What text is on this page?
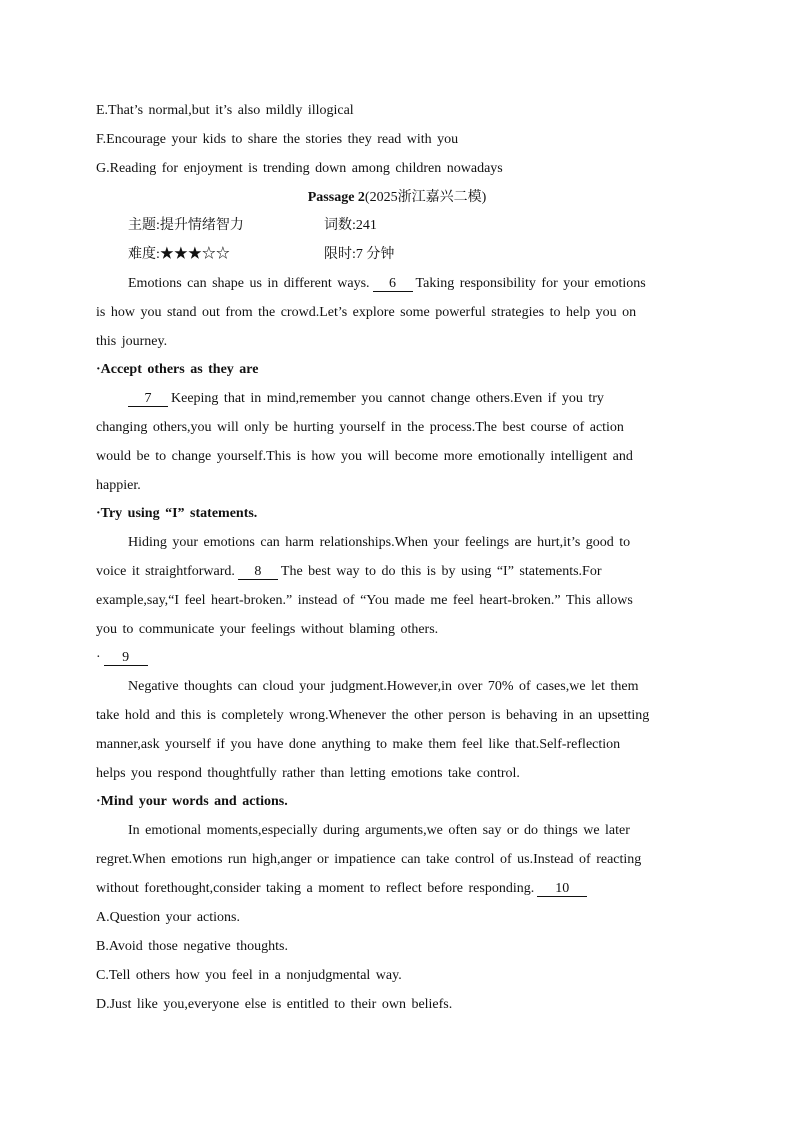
E.That’s normal,but it’s also mildly illogical
F.Encourage your kids to share the stories they read with you
G.Reading for enjoyment is trending down among children nowadays
Passage 2(2025浙江嘉兴二模)
主题:提升情绪智力	词数:241
难度:★★★☆☆	限时:7 分钟
Emotions can shape us in different ways. 6 Taking responsibility for your emotions
is how you stand out from the crowd.Let’s explore some powerful strategies to help you on
this journey.
·Accept others as they are
7 Keeping that in mind,remember you cannot change others.Even if you try
changing others,you will only be hurting yourself in the process.The best course of action
would be to change yourself.This is how you will become more emotionally intelligent and
happier.
·Try using “I” statements.
Hiding your emotions can harm relationships.When your feelings are hurt,it’s good to
voice it straightforward. 8 The best way to do this is by using “I” statements.For
example,say,“I feel heart-broken.” instead of “You made me feel heart-broken.” This allows
you to communicate your feelings without blaming others.
· 9
Negative thoughts can cloud your judgment.However,in over 70% of cases,we let them
take hold and this is completely wrong.Whenever the other person is behaving in an upsetting
manner,ask yourself if you have done anything to make them feel like that.Self-reflection
helps you respond thoughtfully rather than letting emotions take control.
·Mind your words and actions.
In emotional moments,especially during arguments,we often say or do things we later
regret.When emotions run high,anger or impatience can take control of us.Instead of reacting
without forethought,consider taking a moment to reflect before responding. 10
A.Question your actions.
B.Avoid those negative thoughts.
C.Tell others how you feel in a nonjudgmental way.
D.Just like you,everyone else is entitled to their own beliefs.
